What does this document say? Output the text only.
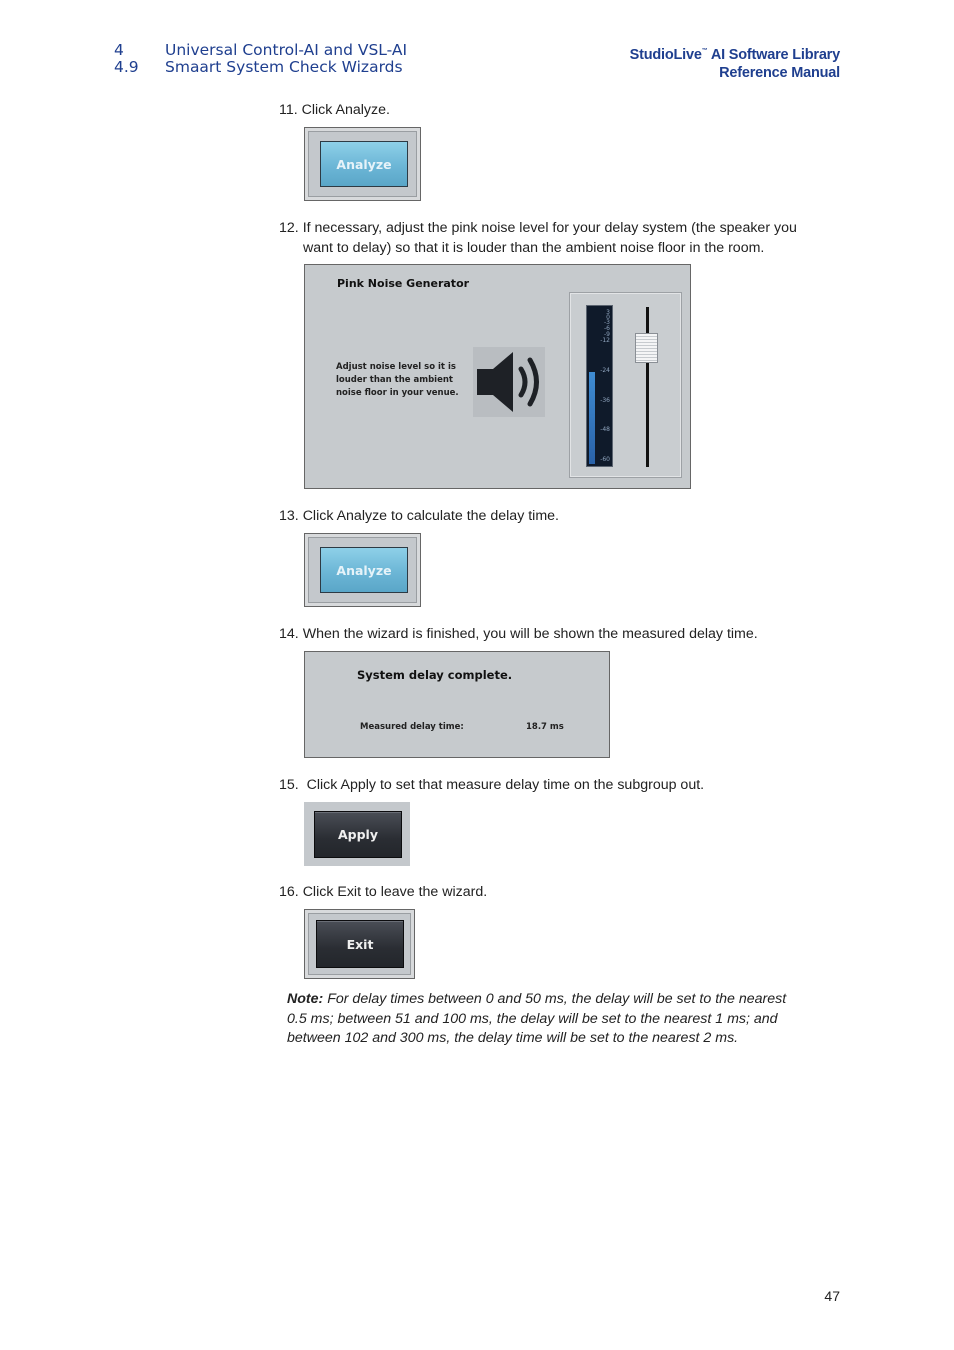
4	Universal Control-AI and VSL-AI
4.9	Smaart System Check Wizards
StudioLive™ AI Software Library
Reference Manual
11. Click Analyze.
Analyze
12. If necessary, adjust the pink noise level for your delay system (the speaker you
want to delay) so that it is louder than the ambient noise floor in the room.
Pink Noise Generator
Adjust noise level so it is
louder than the ambient
noise floor in your venue.
3
0
-3
-6
-9
-12
-24
-36
-48
-60
13. Click Analyze to calculate the delay time.
Analyze
14. When the wizard is finished, you will be shown the measured delay time.
System delay complete.
Measured delay time:	18.7 ms
15. Click Apply to set that measure delay time on the subgroup out.
Apply
16. Click Exit to leave the wizard.
Exit
Note: For delay times between 0 and 50 ms, the delay will be set to the nearest
0.5 ms; between 51 and 100 ms, the delay will be set to the nearest 1 ms; and
between 102 and 300 ms, the delay time will be set to the nearest 2 ms.
47
